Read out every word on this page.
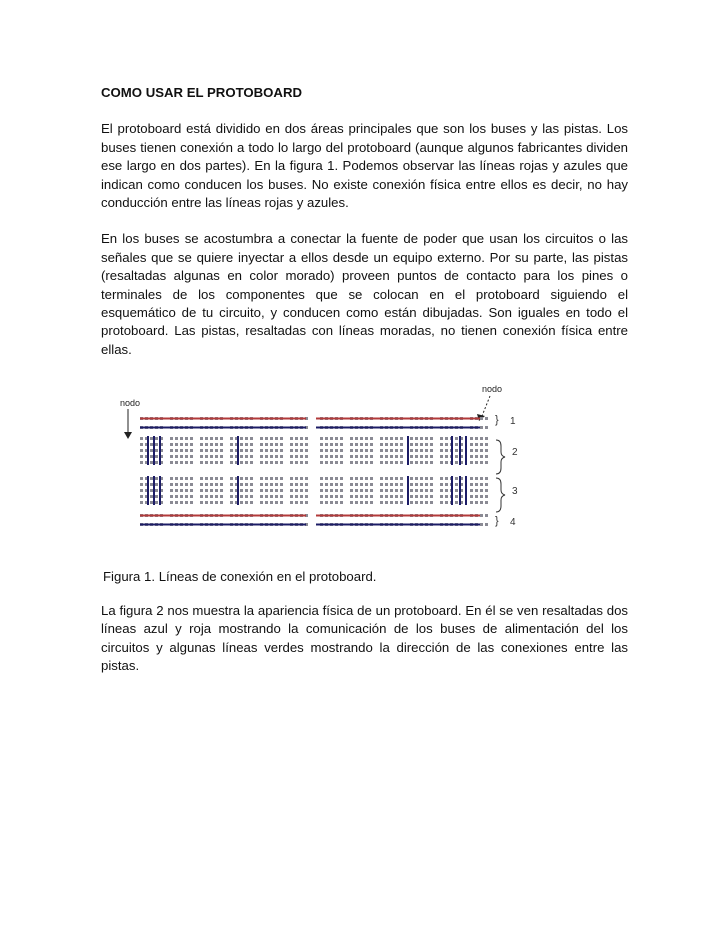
COMO USAR EL PROTOBOARD

El protoboard está dividido en dos áreas principales que son los buses y las pistas. Los buses tienen conexión a todo lo largo del protoboard (aunque algunos fabricantes dividen ese largo en dos partes). En la figura 1. Podemos observar las líneas rojas y azules que indican como conducen los buses. No existe conexión física entre ellos es decir, no hay conducción entre las líneas rojas y azules.

En los buses se acostumbra a conectar la fuente de poder que usan los circuitos o las señales que se quiere inyectar a ellos desde un equipo externo. Por su parte, las pistas (resaltadas algunas en color morado) proveen puntos de contacto para los pines o terminales de los componentes que se colocan en el protoboard siguiendo el esquemático de tu circuito, y conducen como están dibujadas. Son iguales en todo el protoboard. Las pistas, resaltadas con líneas moradas, no tienen conexión física entre ellas.

nodo
nodo
} 1
2
3
} 4
Figura 1. Líneas de conexión en el protoboard.
La figura 2 nos muestra la apariencia física de un protoboard. En él se ven resaltadas dos líneas azul y roja mostrando la comunicación de los buses de alimentación del los circuitos y algunas líneas verdes mostrando la dirección de las conexiones entre las pistas.
